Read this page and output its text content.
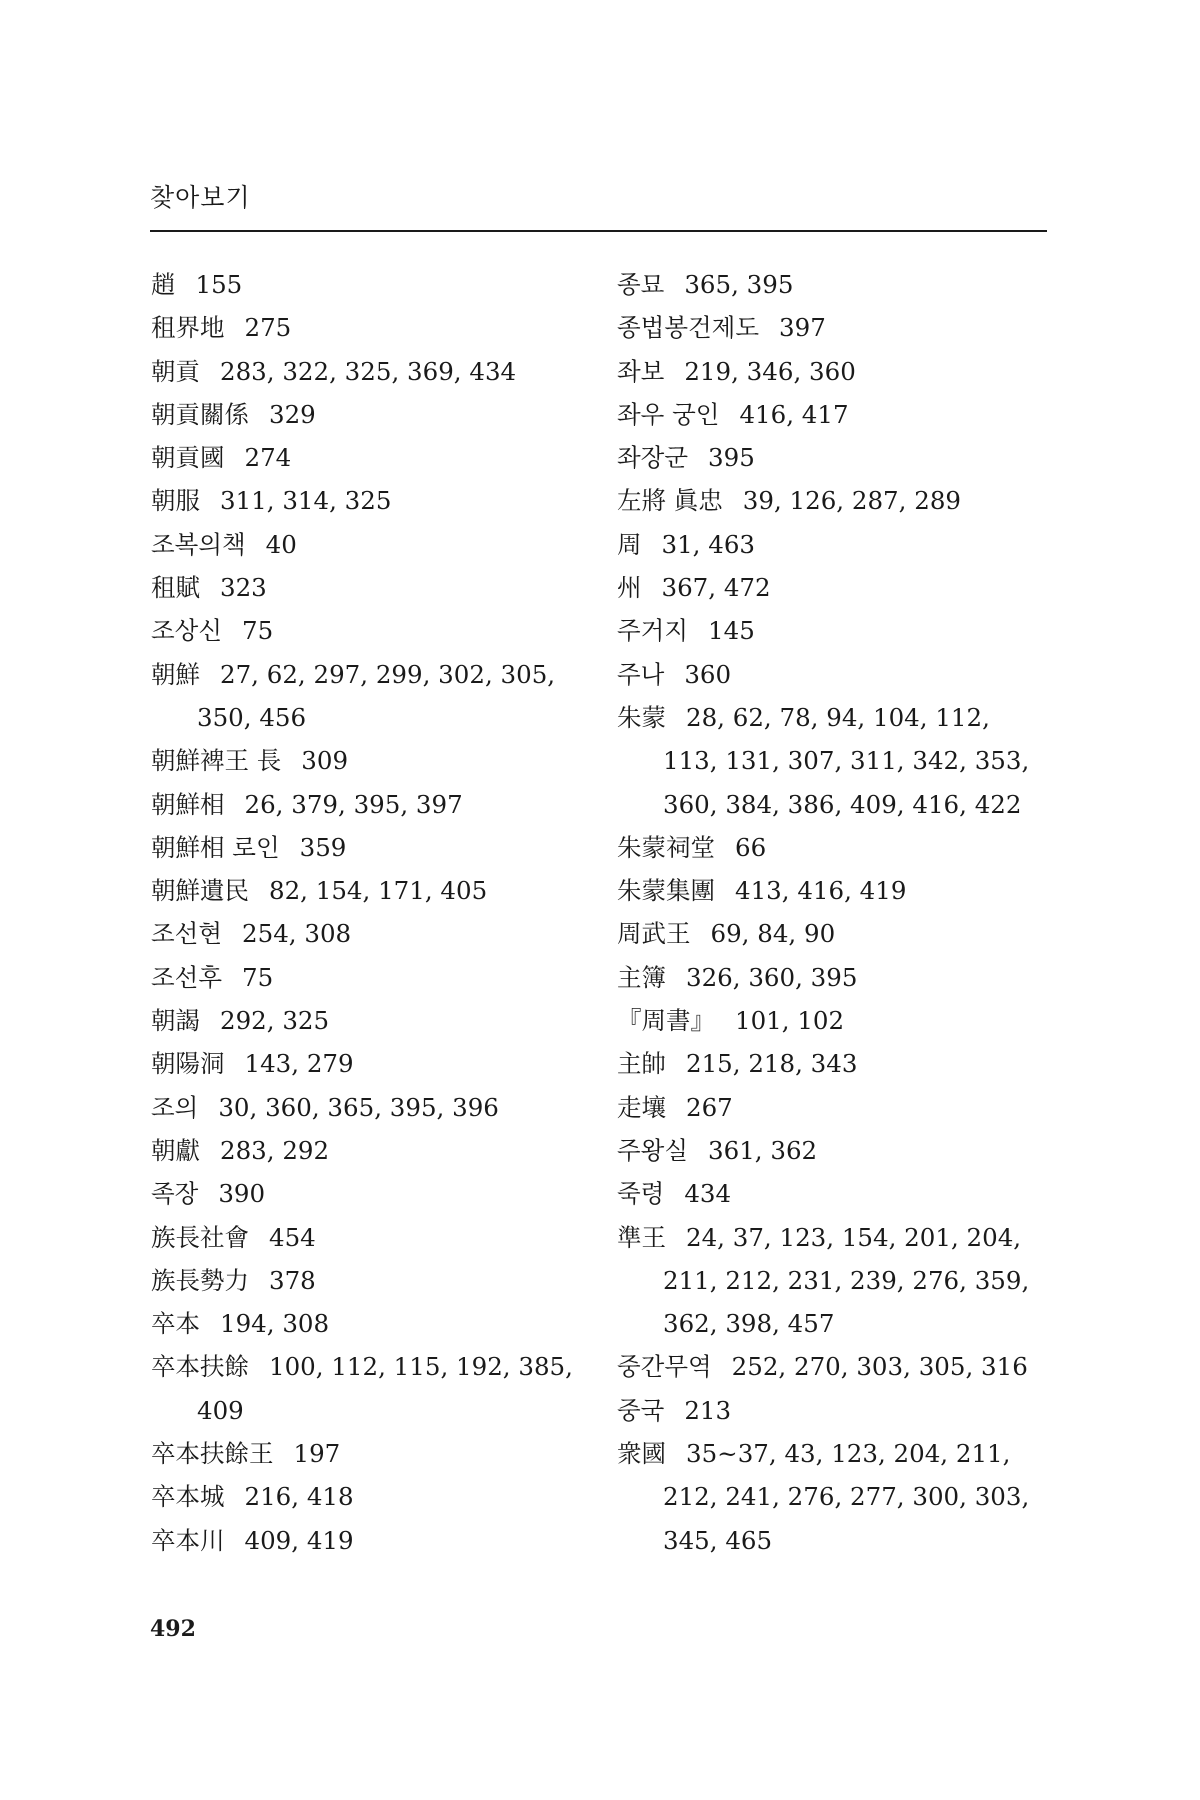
찾아보기
趙 155
租界地 275
朝貢 283, 322, 325, 369, 434
朝貢關係 329
朝貢國 274
朝服 311, 314, 325
조복의책 40
租賦 323
조상신 75
朝鮮 27, 62, 297, 299, 302, 305,
350, 456
朝鮮裨王 長 309
朝鮮相 26, 379, 395, 397
朝鮮相 로인 359
朝鮮遺民 82, 154, 171, 405
조선현 254, 308
조선후 75
朝謁 292, 325
朝陽洞 143, 279
조의 30, 360, 365, 395, 396
朝獻 283, 292
족장 390
族長社會 454
族長勢力 378
卒本 194, 308
卒本扶餘 100, 112, 115, 192, 385,
409
卒本扶餘王 197
卒本城 216, 418
卒本川 409, 419
종묘 365, 395
종법봉건제도 397
좌보 219, 346, 360
좌우 궁인 416, 417
좌장군 395
左將 眞忠 39, 126, 287, 289
周 31, 463
州 367, 472
주거지 145
주나 360
朱蒙 28, 62, 78, 94, 104, 112,
113, 131, 307, 311, 342, 353,
360, 384, 386, 409, 416, 422
朱蒙祠堂 66
朱蒙集團 413, 416, 419
周武王 69, 84, 90
主簿 326, 360, 395
『周書』 101, 102
主帥 215, 218, 343
走壤 267
주왕실 361, 362
죽령 434
準王 24, 37, 123, 154, 201, 204,
211, 212, 231, 239, 276, 359,
362, 398, 457
중간무역 252, 270, 303, 305, 316
중국 213
衆國 35~37, 43, 123, 204, 211,
212, 241, 276, 277, 300, 303,
345, 465
492
